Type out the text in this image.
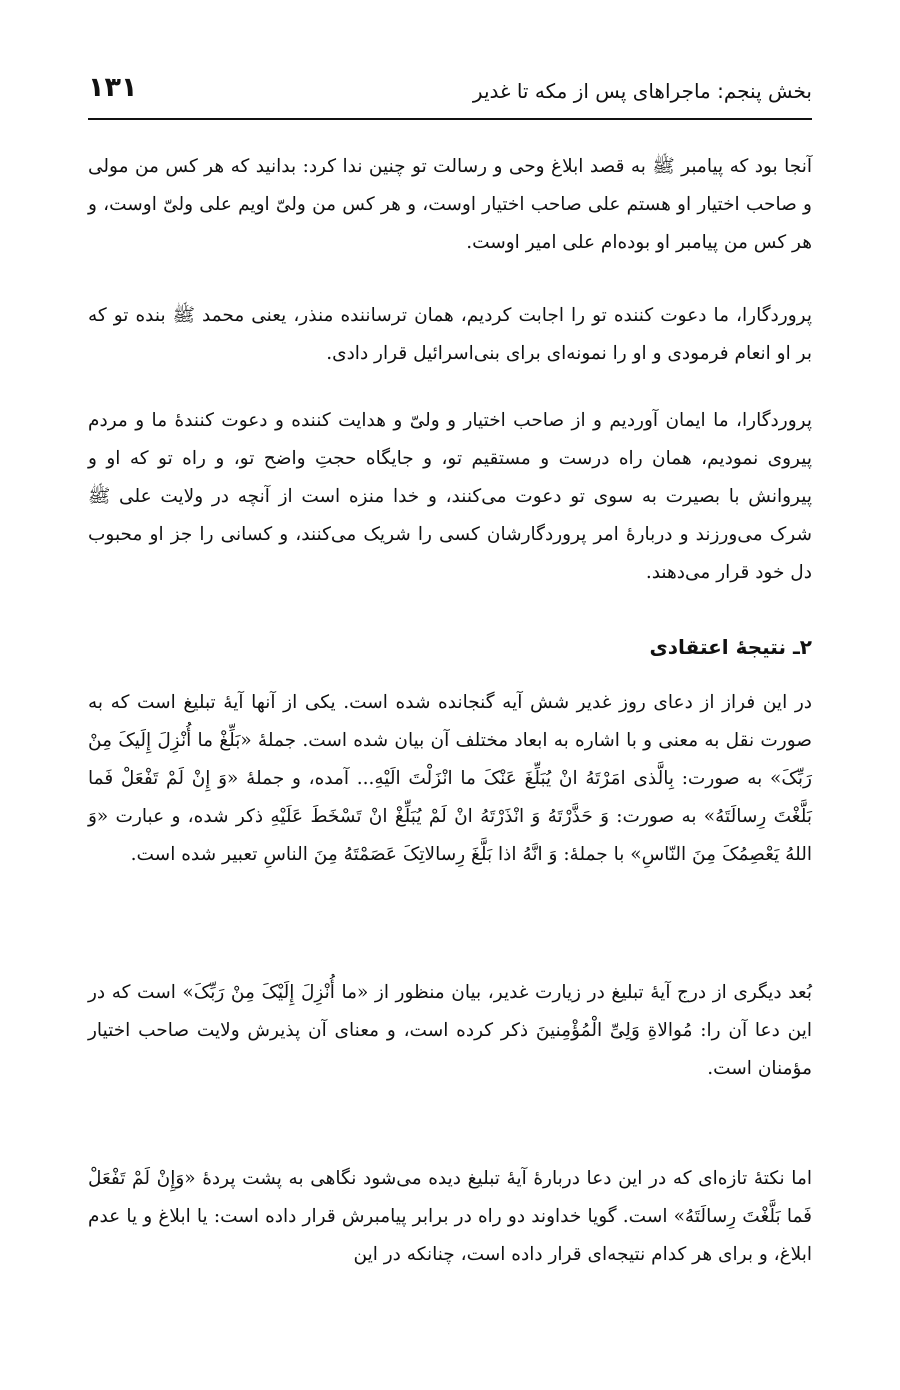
بخش پنجم: ماجراهای پس از مکه تا غدیر
۱۳۱

آنجا بود که پیامبر ﷺ به قصد ابلاغ وحی و رسالت تو چنین ندا کرد: بدانید که هر کس من مولی و صاحب اختیار او هستم علی صاحب اختیار اوست، و هر کس من ولیّ اویم علی ولیّ اوست، و هر کس من پیامبر او بوده‌ام علی امیر اوست.

پروردگارا، ما دعوت کننده تو را اجابت کردیم، همان ترساننده منذر، یعنی محمد ﷺ بنده تو که بر او انعام فرمودی و او را نمونه‌ای برای بنی‌اسرائیل قرار دادی.

پروردگارا، ما ایمان آوردیم و از صاحب اختیار و ولیّ و هدایت کننده و دعوت کنندهٔ ما و مردم پیروی نمودیم، همان راه درست و مستقیم تو، و جایگاه حجتِ واضح تو، و راه تو که او و پیروانش با بصیرت به سوی تو دعوت می‌کنند، و خدا منزه است از آنچه در ولایت علی ﷺ شرک می‌ورزند و دربارهٔ امر پروردگارشان کسی را شریک می‌کنند، و کسانی را جز او محبوب دل خود قرار می‌دهند.

۲ـ نتیجهٔ اعتقادی

در این فراز از دعای روز غدیر شش آیه گنجانده شده است. یکی از آنها آیهٔ تبلیغ است که به صورت نقل به معنی و با اشاره به ابعاد مختلف آن بیان شده است. جملهٔ «بَلِّغْ ما أُنْزِلَ إِلَیکَ مِنْ رَبِّکَ» به صورت: بِالَّذی امَرْتَهُ انْ یُبَلِّغَ عَنْکَ ما انْزَلْتَ الَیْهِ... آمده، و جملهٔ «وَ إِنْ لَمْ تَفْعَلْ فَما بَلَّغْتَ رِسالَتَهُ» به صورت: وَ حَذَّرْتَهُ وَ انْذَرْتَهُ انْ لَمْ یُبَلِّغْ انْ تَسْخَطَ عَلَیْهِ ذکر شده، و عبارت «وَ اللهُ یَعْصِمُکَ مِنَ النّاسِ» با جملهٔ: وَ انَّهُ اذا بَلَّغَ رِسالاتِکَ عَصَمْتَهُ مِنَ الناسِ تعبیر شده است.

بُعد دیگری از درج آیهٔ تبلیغ در زیارت غدیر، بیان منظور از «ما أُنْزِلَ إِلَیْکَ مِنْ رَبِّکَ» است که در این دعا آن را: مُوالاةِ وَلِیِّ الْمُؤْمِنینَ ذکر کرده است، و معنای آن پذیرش ولایت صاحب اختیار مؤمنان است.

اما نکتهٔ تازه‌ای که در این دعا دربارهٔ آیهٔ تبلیغ دیده می‌شود نگاهی به پشت پردهٔ «وَإِنْ لَمْ تَفْعَلْ فَما بَلَّغْتَ رِسالَتَهُ» است. گویا خداوند دو راه در برابر پیامبرش قرار داده است: یا ابلاغ و یا عدم ابلاغ، و برای هر کدام نتیجه‌ای قرار داده است، چنانکه در این
